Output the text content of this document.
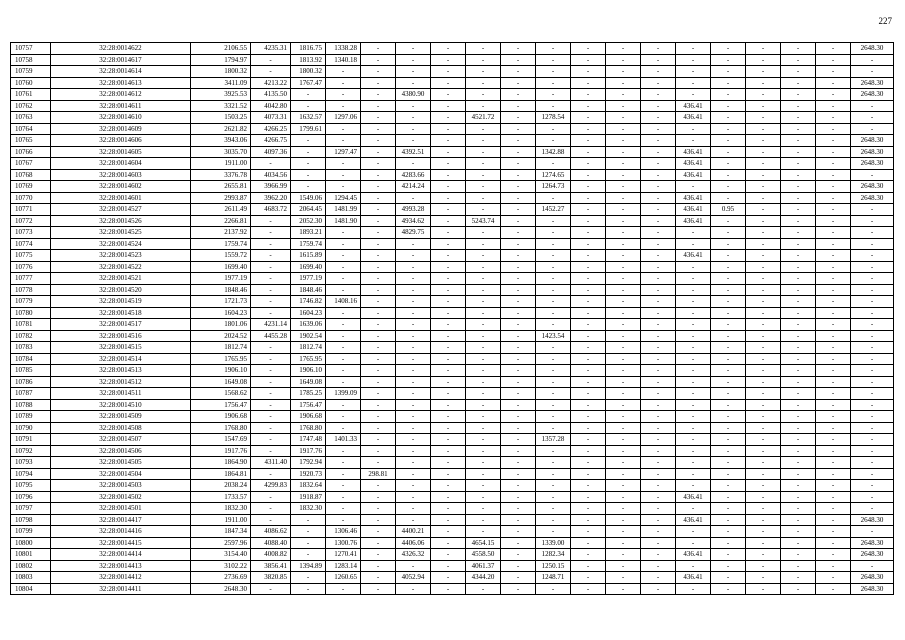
227
10757	32:28:0014622	2106.55	4235.31	1816.75	1338.28	-	-	-	-	-	-	-	-	-	-	-	-	-	-	2648.30
10758	32:28:0014617	1794.97	-	1813.92	1340.18	-	-	-	-	-	-	-	-	-	-	-	-	-	-	-
10759	32:28:0014614	1800.32	-	1800.32	-	-	-	-	-	-	-	-	-	-	-	-	-	-	-	-
10760	32:28:0014613	3411.09	4213.22	1767.47	-	-	-	-	-	-	-	-	-	-	-	-	-	-	-	2648.30
10761	32:28:0014612	3925.53	4135.50	-	-	-	4380.90	-	-	-	-	-	-	-	-	-	-	-	-	2648.30
10762	32:28:0014611	3321.52	4042.80	-	-	-	-	-	-	-	-	-	-	-	436.41	-	-	-	-	-
10763	32:28:0014610	1503.25	4073.31	1632.57	1297.06	-	-	-	4521.72	-	1278.54	-	-	-	436.41	-	-	-	-	-
10764	32:28:0014609	2621.82	4266.25	1799.61	-	-	-	-	-	-	-	-	-	-	-	-	-	-	-	-
10765	32:28:0014606	3943.06	4266.75	-	-	-	-	-	-	-	-	-	-	-	-	-	-	-	-	2648.30
10766	32:28:0014605	3035.70	4097.36	-	1297.47	-	4392.51	-	-	-	1342.88	-	-	-	436.41	-	-	-	-	2648.30
10767	32:28:0014604	1911.00	-	-	-	-	-	-	-	-	-	-	-	-	436.41	-	-	-	-	2648.30
10768	32:28:0014603	3376.78	4034.56	-	-	-	4283.66	-	-	-	1274.65	-	-	-	436.41	-	-	-	-	-
10769	32:28:0014602	2655.81	3966.99	-	-	-	4214.24	-	-	-	1264.73	-	-	-	-	-	-	-	-	2648.30
10770	32:28:0014601	2993.87	3962.20	1549.06	1294.45	-	-	-	-	-	-	-	-	-	436.41	-	-	-	-	2648.30
10771	32:28:0014527	2611.49	4683.72	2064.45	1481.99	-	4993.28	-	-	-	1452.27	-	-	-	436.41	0.95	-	-	-	-
10772	32:28:0014526	2266.81	-	2052.30	1481.90	-	4934.62	-	5243.74	-	-	-	-	-	436.41	-	-	-	-	-
10773	32:28:0014525	2137.92	-	1893.21	-	-	4829.75	-	-	-	-	-	-	-	-	-	-	-	-	-
10774	32:28:0014524	1759.74	-	1759.74	-	-	-	-	-	-	-	-	-	-	-	-	-	-	-	-
10775	32:28:0014523	1559.72	-	1615.89	-	-	-	-	-	-	-	-	-	-	436.41	-	-	-	-	-
10776	32:28:0014522	1699.40	-	1699.40	-	-	-	-	-	-	-	-	-	-	-	-	-	-	-	-
10777	32:28:0014521	1977.19	-	1977.19	-	-	-	-	-	-	-	-	-	-	-	-	-	-	-	-
10778	32:28:0014520	1848.46	-	1848.46	-	-	-	-	-	-	-	-	-	-	-	-	-	-	-	-
10779	32:28:0014519	1721.73	-	1746.82	1408.16	-	-	-	-	-	-	-	-	-	-	-	-	-	-	-
10780	32:28:0014518	1604.23	-	1604.23	-	-	-	-	-	-	-	-	-	-	-	-	-	-	-	-
10781	32:28:0014517	1801.06	4231.14	1639.06	-	-	-	-	-	-	-	-	-	-	-	-	-	-	-	-
10782	32:28:0014516	2024.52	4455.28	1902.54	-	-	-	-	-	-	1423.54	-	-	-	-	-	-	-	-	-
10783	32:28:0014515	1812.74	-	1812.74	-	-	-	-	-	-	-	-	-	-	-	-	-	-	-	-
10784	32:28:0014514	1765.95	-	1765.95	-	-	-	-	-	-	-	-	-	-	-	-	-	-	-	-
10785	32:28:0014513	1906.10	-	1906.10	-	-	-	-	-	-	-	-	-	-	-	-	-	-	-	-
10786	32:28:0014512	1649.08	-	1649.08	-	-	-	-	-	-	-	-	-	-	-	-	-	-	-	-
10787	32:28:0014511	1568.62	-	1785.25	1399.09	-	-	-	-	-	-	-	-	-	-	-	-	-	-	-
10788	32:28:0014510	1756.47	-	1756.47	-	-	-	-	-	-	-	-	-	-	-	-	-	-	-	-
10789	32:28:0014509	1906.68	-	1906.68	-	-	-	-	-	-	-	-	-	-	-	-	-	-	-	-
10790	32:28:0014508	1768.80	-	1768.80	-	-	-	-	-	-	-	-	-	-	-	-	-	-	-	-
10791	32:28:0014507	1547.69	-	1747.48	1401.33	-	-	-	-	-	1357.28	-	-	-	-	-	-	-	-	-
10792	32:28:0014506	1917.76	-	1917.76	-	-	-	-	-	-	-	-	-	-	-	-	-	-	-	-
10793	32:28:0014505	1864.90	4311.40	1792.94	-	-	-	-	-	-	-	-	-	-	-	-	-	-	-	-
10794	32:28:0014504	1864.81	-	1920.73	-	298.81	-	-	-	-	-	-	-	-	-	-	-	-	-	-
10795	32:28:0014503	2038.24	4299.83	1832.64	-	-	-	-	-	-	-	-	-	-	-	-	-	-	-	-
10796	32:28:0014502	1733.57	-	1918.87	-	-	-	-	-	-	-	-	-	-	436.41	-	-	-	-	-
10797	32:28:0014501	1832.30	-	1832.30	-	-	-	-	-	-	-	-	-	-	-	-	-	-	-	-
10798	32:28:0014417	1911.00	-	-	-	-	-	-	-	-	-	-	-	-	436.41	-	-	-	-	2648.30
10799	32:28:0014416	1847.34	4086.62	-	1306.46	-	4400.21	-	-	-	-	-	-	-	-	-	-	-	-	-
10800	32:28:0014415	2597.96	4088.40	-	1300.76	-	4406.06	-	4654.15	-	1339.00	-	-	-	-	-	-	-	-	2648.30
10801	32:28:0014414	3154.40	4008.82	-	1270.41	-	4326.32	-	4558.50	-	1282.34	-	-	-	436.41	-	-	-	-	2648.30
10802	32:28:0014413	3102.22	3856.41	1394.89	1283.14	-	-	-	4061.37	-	1250.15	-	-	-	-	-	-	-	-	-
10803	32:28:0014412	2736.69	3820.85	-	1260.65	-	4052.94	-	4344.20	-	1248.71	-	-	-	436.41	-	-	-	-	2648.30
10804	32:28:0014411	2648.30	-	-	-	-	-	-	-	-	-	-	-	-	-	-	-	-	-	2648.30
